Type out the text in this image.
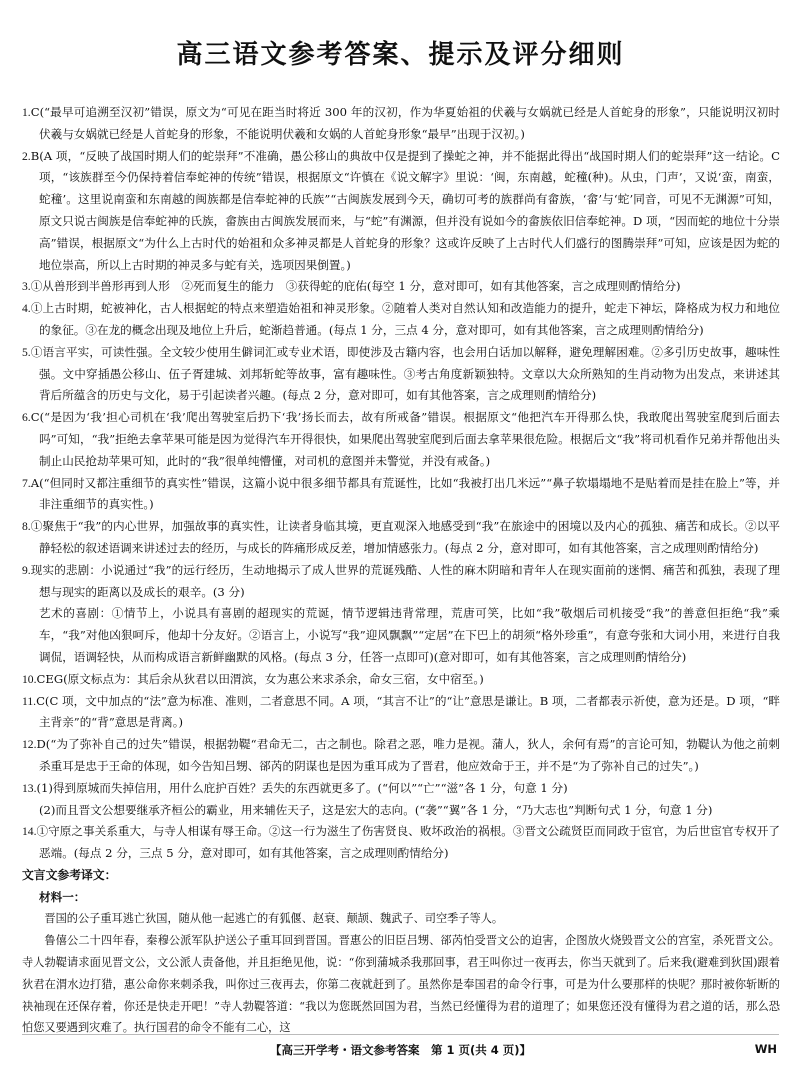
高三语文参考答案、提示及评分细则

1.C(“最早可追溯至汉初”错误，原文为“可见在距当时将近 300 年的汉初，作为华夏始祖的伏羲与女娲就已经是人首蛇身的形象”，只能说明汉初时伏羲与女娲就已经是人首蛇身的形象，不能说明伏羲和女娲的人首蛇身形象“最早”出现于汉初。)

2.B(A 项，“反映了战国时期人们的蛇崇拜”不准确，愚公移山的典故中仅是提到了操蛇之神，并不能据此得出“战国时期人们的蛇崇拜”这一结论。C 项，“该族群至今仍保持着信奉蛇神的传统”错误，根据原文“许慎在《说文解字》里说：‘闽，东南越，蛇穜(种)。从虫，门声’，又说‘蛮，南蛮，蛇穜’。这里说南蛮和东南越的闽族都是信奉蛇神的氏族”“古闽族发展到今天，确切可考的族群尚有畲族，‘畲’与‘蛇’同音，可见不无渊源”可知，原文只说古闽族是信奉蛇神的氏族，畲族由古闽族发展而来，与“蛇”有渊源，但并没有说如今的畲族依旧信奉蛇神。D 项，“因而蛇的地位十分崇高”错误，根据原文“为什么上古时代的始祖和众多神灵都是人首蛇身的形象？这或许反映了上古时代人们盛行的图腾崇拜”可知，应该是因为蛇的地位崇高，所以上古时期的神灵多与蛇有关，选项因果倒置。)

3.①从兽形到半兽形再到人形　②死而复生的能力　③获得蛇的庇佑(每空 1 分，意对即可，如有其他答案，言之成理则酌情给分)

4.①上古时期，蛇被神化，古人根据蛇的特点来塑造始祖和神灵形象。②随着人类对自然认知和改造能力的提升，蛇走下神坛，降格成为权力和地位的象征。③在龙的概念出现及地位上升后，蛇渐趋普通。(每点 1 分，三点 4 分，意对即可，如有其他答案，言之成理则酌情给分)

5.①语言平实，可读性强。全文较少使用生僻词汇或专业术语，即使涉及古籍内容，也会用白话加以解释，避免理解困难。②多引历史故事，趣味性强。文中穿插愚公移山、伍子胥建城、刘邦斩蛇等故事，富有趣味性。③考古角度新颖独特。文章以大众所熟知的生肖动物为出发点，来讲述其背后所蕴含的历史与文化，易于引起读者兴趣。(每点 2 分，意对即可，如有其他答案，言之成理则酌情给分)

6.C(“是因为‘我’担心司机在‘我’爬出驾驶室后扔下‘我’扬长而去，故有所戒备”错误。根据原文“他把汽车开得那么快，我敢爬出驾驶室爬到后面去吗”可知，“我”拒绝去拿苹果可能是因为觉得汽车开得很快，如果爬出驾驶室爬到后面去拿苹果很危险。根据后文“我”将司机看作兄弟并帮他出头制止山民抢劫苹果可知，此时的“我”很单纯懵懂，对司机的意图并未警觉，并没有戒备。)

7.A(“但同时又都注重细节的真实性”错误，这篇小说中很多细节都具有荒诞性，比如“我被打出几米远”“鼻子软塌塌地不是贴着而是挂在脸上”等，并非注重细节的真实性。)

8.①聚焦于“我”的内心世界，加强故事的真实性，让读者身临其境，更直观深入地感受到“我”在旅途中的困境以及内心的孤独、痛苦和成长。②以平静轻松的叙述语调来讲述过去的经历，与成长的阵痛形成反差，增加情感张力。(每点 2 分，意对即可，如有其他答案，言之成理则酌情给分)

9.现实的悲剧：小说通过“我”的远行经历，生动地揭示了成人世界的荒诞残酷、人性的麻木阴暗和青年人在现实面前的迷惘、痛苦和孤独，表现了理想与现实的距离以及成长的艰辛。(3 分)

艺术的喜剧：①情节上，小说具有喜剧的超现实的荒诞，情节逻辑违背常理，荒唐可笑，比如“我”敬烟后司机接受“我”的善意但拒绝“我”乘车，“我”对他凶狠呵斥，他却十分友好。②语言上，小说写“我”迎风飘飘”“定居”在下巴上的胡须“格外珍重”，有意夸张和大词小用，来进行自我调侃，语调轻快，从而构成语言新鲜幽默的风格。(每点 3 分，任答一点即可)(意对即可，如有其他答案，言之成理则酌情给分)

10.CEG(原文标点为：其后余从狄君以田渭滨，女为惠公来求杀余，命女三宿，女中宿至。)

11.C(C 项，文中加点的“法”意为标准、准则，二者意思不同。A 项，“其言不让”的“让”意思是谦让。B 项，二者都表示祈使，意为还是。D 项，“畔主背亲”的“背”意思是背离。)

12.D(“为了弥补自己的过失”错误，根据勃鞮“君命无二，古之制也。除君之恶，唯力是视。蒲人，狄人，余何有焉”的言论可知，勃鞮认为他之前刺杀重耳是忠于王命的体现，如今告知吕甥、郤芮的阴谋也是因为重耳成为了晋君，他应效命于王，并不是“为了弥补自己的过失”。)

13.(1)得到原城而失掉信用，用什么庇护百姓？丢失的东西就更多了。(“何以”“亡”“滋”各 1 分，句意 1 分)

(2)而且晋文公想要继承齐桓公的霸业，用来辅佐天子，这是宏大的志向。(“袭”“翼”各 1 分，“乃大志也”判断句式 1 分，句意 1 分)

14.①守原之事关系重大，与寺人相谋有辱王命。②这一行为滋生了伤害贤良、败坏政治的祸根。③晋文公疏贤臣而同政于宦官，为后世宦官专权开了恶端。(每点 2 分，三点 5 分，意对即可，如有其他答案，言之成理则酌情给分)

文言文参考译文：

材料一：

晋国的公子重耳逃亡狄国，随从他一起逃亡的有狐偃、赵衰、颠颉、魏武子、司空季子等人。

鲁僖公二十四年春，秦穆公派军队护送公子重耳回到晋国。晋惠公的旧臣吕甥、郤芮怕受晋文公的迫害，企图放火烧毁晋文公的宫室，杀死晋文公。寺人勃鞮请求面见晋文公，文公派人责备他，并且拒绝见他，说：“你到蒲城杀我那回事，君王叫你过一夜再去，你当天就到了。后来我(避难到狄国)跟着狄君在渭水边打猎，惠公命你来刺杀我，叫你过三夜再去，你第二夜就赶到了。虽然你是奉国君的命令行事，可是为什么要那样的快呢？那时被你斩断的袂袖现在还保存着，你还是快走开吧！”寺人勃鞮答道：“我以为您既然回国为君，当然已经懂得为君的道理了；如果您还没有懂得为君之道的话，那么恐怕您又要遇到灾难了。执行国君的命令不能有二心，这

【高三开学考・语文参考答案　第 1 页(共 4 页)】	WH
